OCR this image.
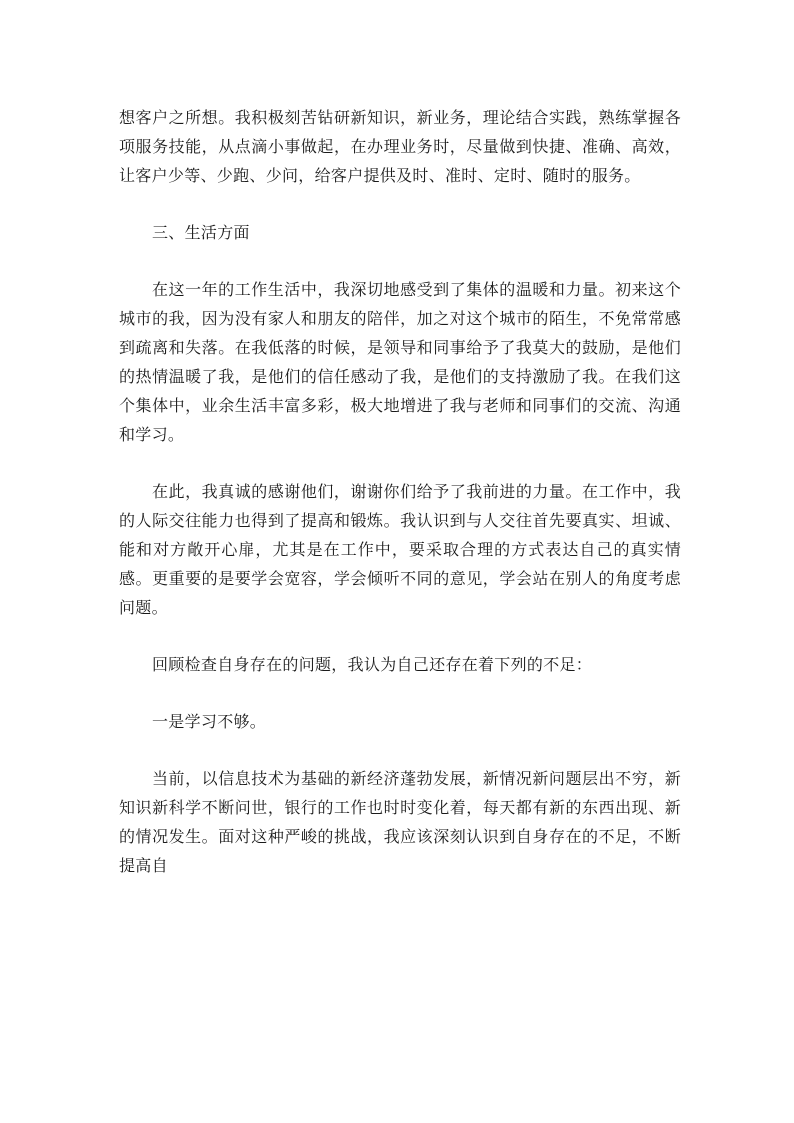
想客户之所想。我积极刻苦钻研新知识，新业务，理论结合实践，熟练掌握各项服务技能，从点滴小事做起，在办理业务时，尽量做到快捷、准确、高效，让客户少等、少跑、少问，给客户提供及时、准时、定时、随时的服务。

三、生活方面

在这一年的工作生活中，我深切地感受到了集体的温暖和力量。初来这个城市的我，因为没有家人和朋友的陪伴，加之对这个城市的陌生，不免常常感到疏离和失落。在我低落的时候，是领导和同事给予了我莫大的鼓励，是他们的热情温暖了我，是他们的信任感动了我，是他们的支持激励了我。在我们这个集体中，业余生活丰富多彩，极大地增进了我与老师和同事们的交流、沟通和学习。

在此，我真诚的感谢他们，谢谢你们给予了我前进的力量。在工作中，我的人际交往能力也得到了提高和锻炼。我认识到与人交往首先要真实、坦诚、能和对方敞开心扉，尤其是在工作中，要采取合理的方式表达自己的真实情感。更重要的是要学会宽容，学会倾听不同的意见，学会站在别人的角度考虑问题。

回顾检查自身存在的问题，我认为自己还存在着下列的不足：

一是学习不够。

当前，以信息技术为基础的新经济蓬勃发展，新情况新问题层出不穷，新知识新科学不断问世，银行的工作也时时变化着，每天都有新的东西出现、新的情况发生。面对这种严峻的挑战，我应该深刻认识到自身存在的不足，不断提高自
